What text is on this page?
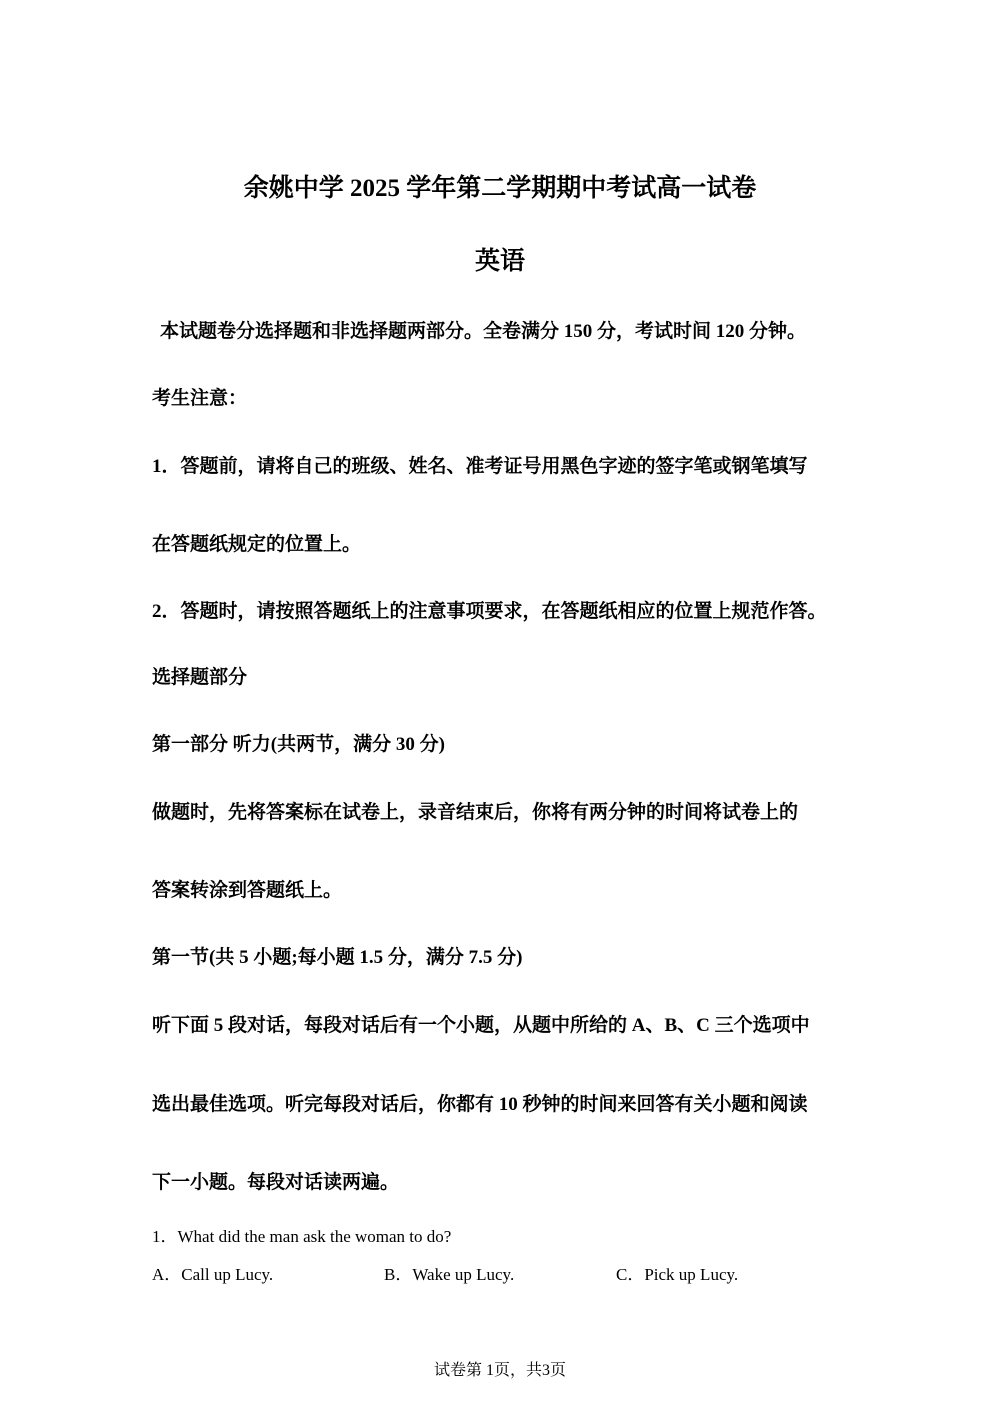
余姚中学 2025 学年第二学期期中考试高一试卷
英语
本试题卷分选择题和非选择题两部分。全卷满分 150 分，考试时间 120 分钟。
考生注意：
1．答题前，请将自己的班级、姓名、准考证号用黑色字迹的签字笔或钢笔填写
在答题纸规定的位置上。
2．答题时，请按照答题纸上的注意事项要求，在答题纸相应的位置上规范作答。
选择题部分
第一部分 听力(共两节，满分 30 分)
做题时，先将答案标在试卷上，录音结束后，你将有两分钟的时间将试卷上的
答案转涂到答题纸上。
第一节(共 5 小题;每小题 1.5 分，满分 7.5 分)
听下面 5 段对话，每段对话后有一个小题，从题中所给的 A、B、C 三个选项中
选出最佳选项。听完每段对话后，你都有 10 秒钟的时间来回答有关小题和阅读
下一小题。每段对话读两遍。
1．What did the man ask the woman to do?
A．Call up Lucy.	B．Wake up Lucy.	C．Pick up Lucy.
试卷第 1页，共3页
